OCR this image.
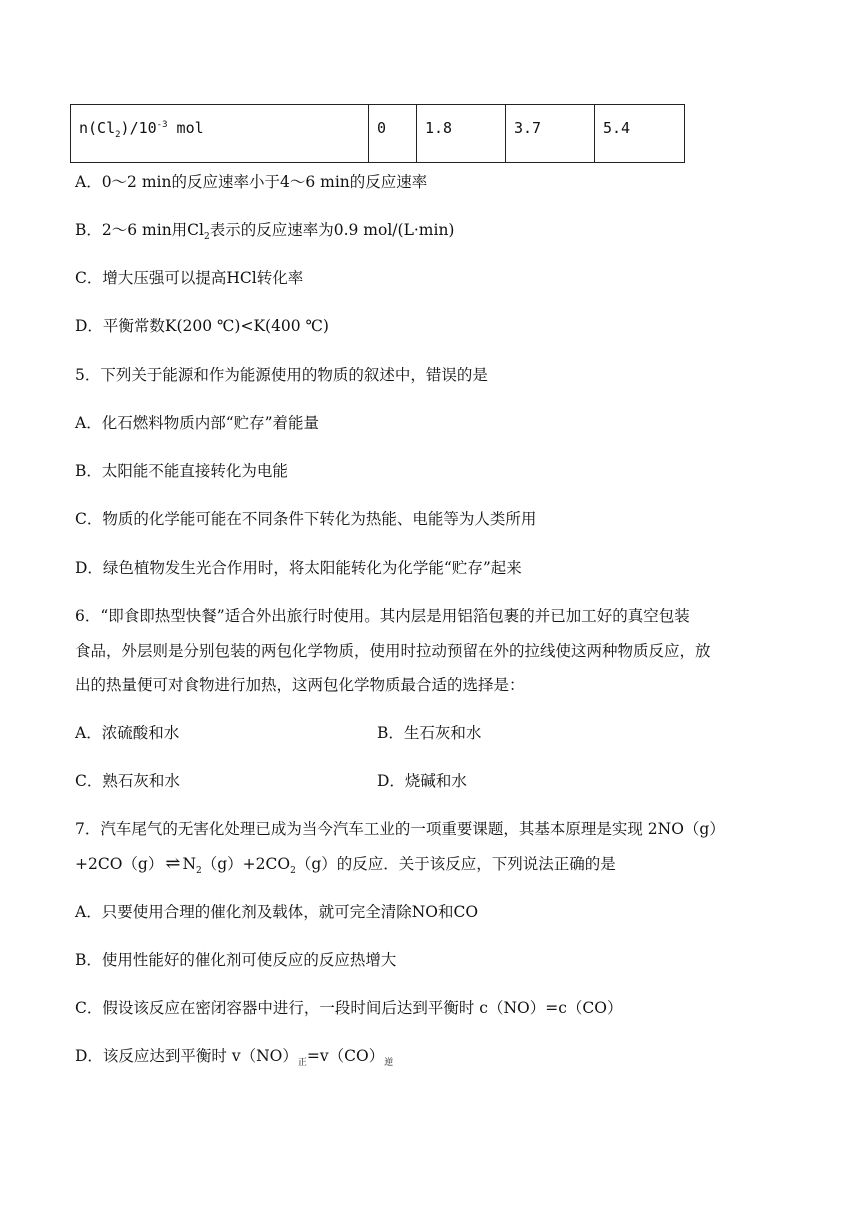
$n(Cl_2)/10^{-3}$ mol	0	1.8	3.7	5.4
A．0～2 min的反应速率小于4～6 min的反应速率
B．2～6 min用$Cl_2$表示的反应速率为0.9 mol/(L·min)
C．增大压强可以提高HCl转化率
D．平衡常数K(200 ℃)<K(400 ℃)
5．下列关于能源和作为能源使用的物质的叙述中，错误的是
A．化石燃料物质内部“贮存”着能量
B．太阳能不能直接转化为电能
C．物质的化学能可能在不同条件下转化为热能、电能等为人类所用
D．绿色植物发生光合作用时，将太阳能转化为化学能“贮存”起来
6．“即食即热型快餐”适合外出旅行时使用。其内层是用铝箔包裹的并已加工好的真空包装
食品，外层则是分别包装的两包化学物质，使用时拉动预留在外的拉线使这两种物质反应，放
出的热量便可对食物进行加热，这两包化学物质最合适的选择是：
A．浓硫酸和水	B．生石灰和水
C．熟石灰和水	D．烧碱和水
7．汽车尾气的无害化处理已成为当今汽车工业的一项重要课题，其基本原理是实现 2NO（g）
+2CO（g） ⇌ $N_2(g)+2CO_2(g)$的反应．关于该反应，下列说法正确的是
A．只要使用合理的催化剂及载体，就可完全清除NO和CO
B．使用性能好的催化剂可使反应的反应热增大
C．假设该反应在密闭容器中进行，一段时间后达到平衡时 c（NO）=c（CO）
D．该反应达到平衡时 $v(NO)_正=v(CO)_逆$
